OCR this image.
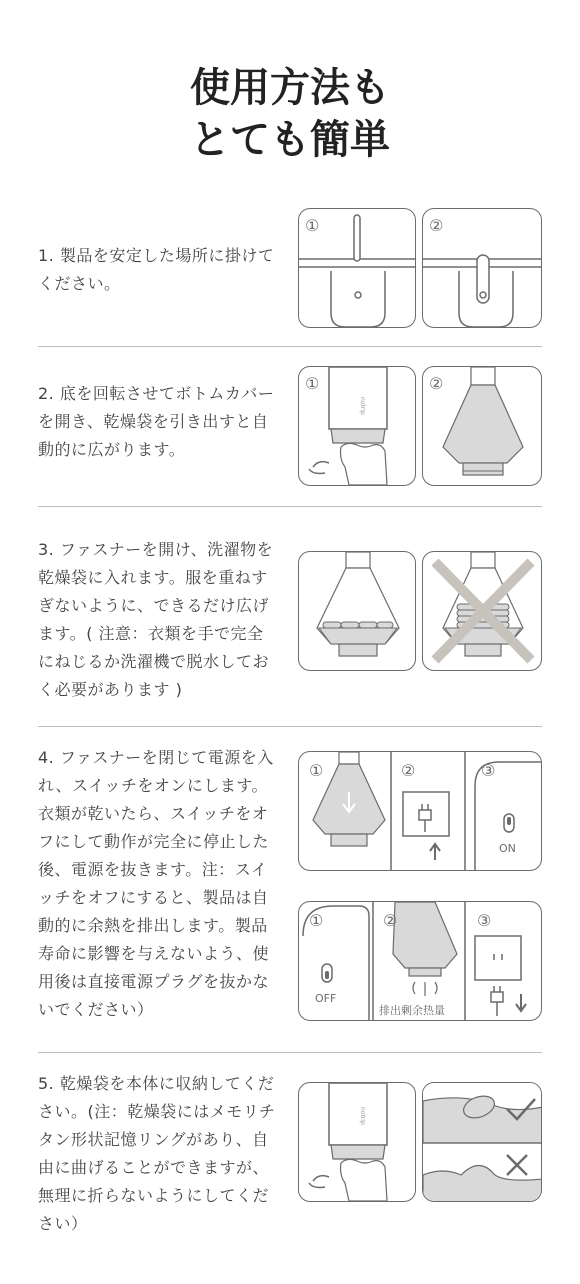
使用方法も
とても簡単
1. 製品を安定した場所に掛けてください。
①	②
2. 底を回転させてボトムカバーを開き、乾燥袋を引き出すと自動的に広がります。
①
notrip
②
3. ファスナーを開け、洗濯物を乾燥袋に入れます。服を重ねすぎないように、できるだけ広げます。( 注意：衣類を手で完全にねじるか洗濯機で脱水しておく必要があります )
4. ファスナーを閉じて電源を入れ、スイッチをオンにします。衣類が乾いたら、スイッチをオフにして動作が完全に停止した後、電源を抜きます。注：スイッチをオフにすると、製品は自動的に余熱を排出します。製品寿命に影響を与えないよう、使用後は直接電源プラグを抜かないでください）
①	②	③
ON
①
OFF
②
排出剰余热量
③
5. 乾燥袋を本体に収納してください。(注：乾燥袋にはメモリチタン形状記憶リングがあり、自由に曲げることができますが、無理に折らないようにしてください）
notrip
